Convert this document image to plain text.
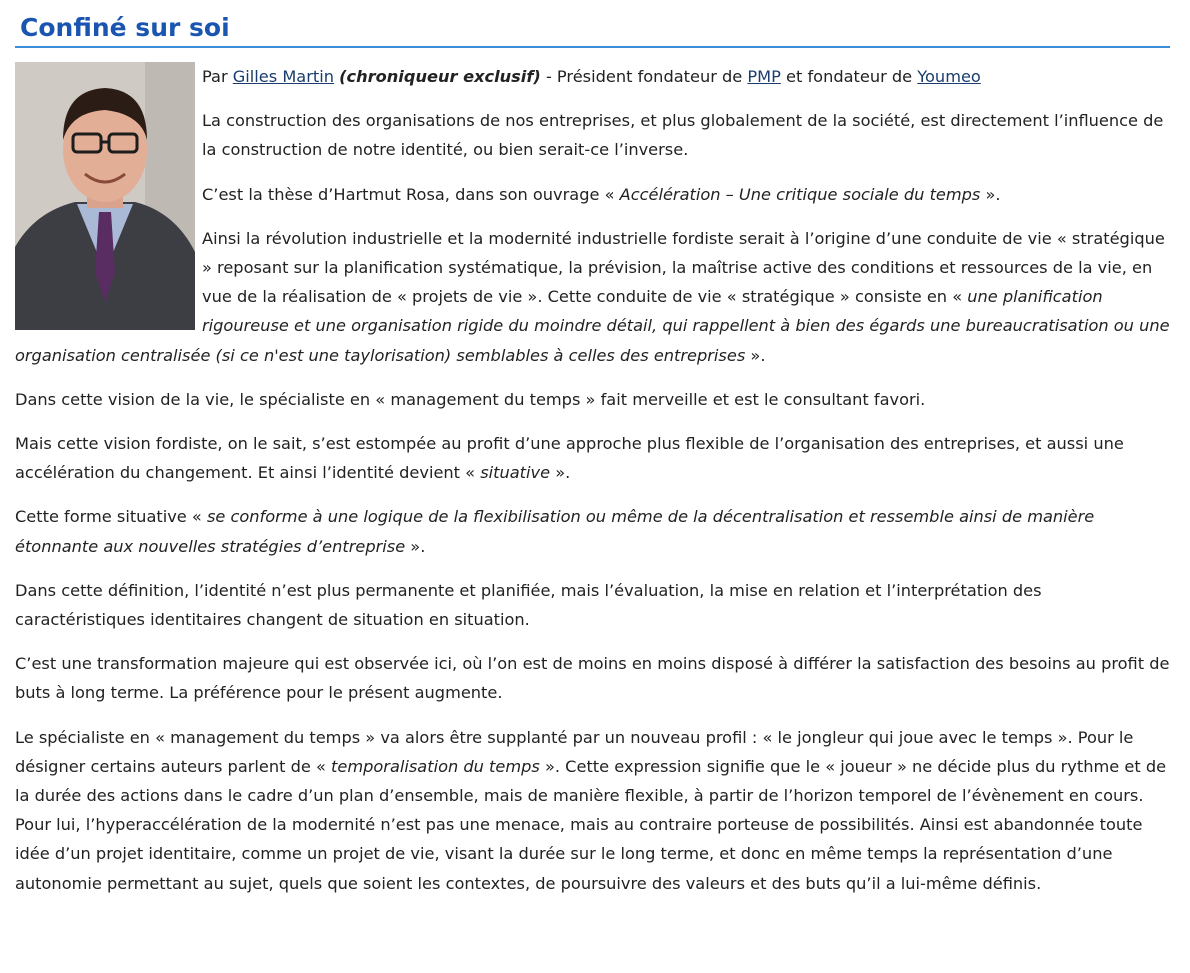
Confiné sur soi

Par Gilles Martin (chroniqueur exclusif) - Président fondateur de PMP et fondateur de Youmeo

La construction des organisations de nos entreprises, et plus globalement de la société, est directement l’influence de la construction de notre identité, ou bien serait-ce l’inverse.

C’est la thèse d’Hartmut Rosa, dans son ouvrage « Accélération – Une critique sociale du temps ».

Ainsi la révolution industrielle et la modernité industrielle fordiste serait à l’origine d’une conduite de vie « stratégique » reposant sur la planification systématique, la prévision, la maîtrise active des conditions et ressources de la vie, en vue de la réalisation de « projets de vie ». Cette conduite de vie « stratégique » consiste en « une planification rigoureuse et une organisation rigide du moindre détail, qui rappellent à bien des égards une bureaucratisation ou une organisation centralisée (si ce n'est une taylorisation) semblables à celles des entreprises ».

Dans cette vision de la vie, le spécialiste en « management du temps » fait merveille et est le consultant favori.

Mais cette vision fordiste, on le sait, s’est estompée au profit d’une approche plus flexible de l’organisation des entreprises, et aussi une accélération du changement. Et ainsi l’identité devient « situative ».

Cette forme situative « se conforme à une logique de la flexibilisation ou même de la décentralisation et ressemble ainsi de manière étonnante aux nouvelles stratégies d’entreprise ».

Dans cette définition, l’identité n’est plus permanente et planifiée, mais l’évaluation, la mise en relation et l’interprétation des caractéristiques identitaires changent de situation en situation.

C’est une transformation majeure qui est observée ici, où l’on est de moins en moins disposé à différer la satisfaction des besoins au profit de buts à long terme. La préférence pour le présent augmente.

Le spécialiste en « management du temps » va alors être supplanté par un nouveau profil : « le jongleur qui joue avec le temps ». Pour le désigner certains auteurs parlent de « temporalisation du temps ». Cette expression signifie que le « joueur » ne décide plus du rythme et de la durée des actions dans le cadre d’un plan d’ensemble, mais de manière flexible, à partir de l’horizon temporel de l’évènement en cours. Pour lui, l’hyperaccélération de la modernité n’est pas une menace, mais au contraire porteuse de possibilités. Ainsi est abandonnée toute idée d’un projet identitaire, comme un projet de vie, visant la durée sur le long terme, et donc en même temps la représentation d’une autonomie permettant au sujet, quels que soient les contextes, de poursuivre des valeurs et des buts qu’il a lui-même définis.
